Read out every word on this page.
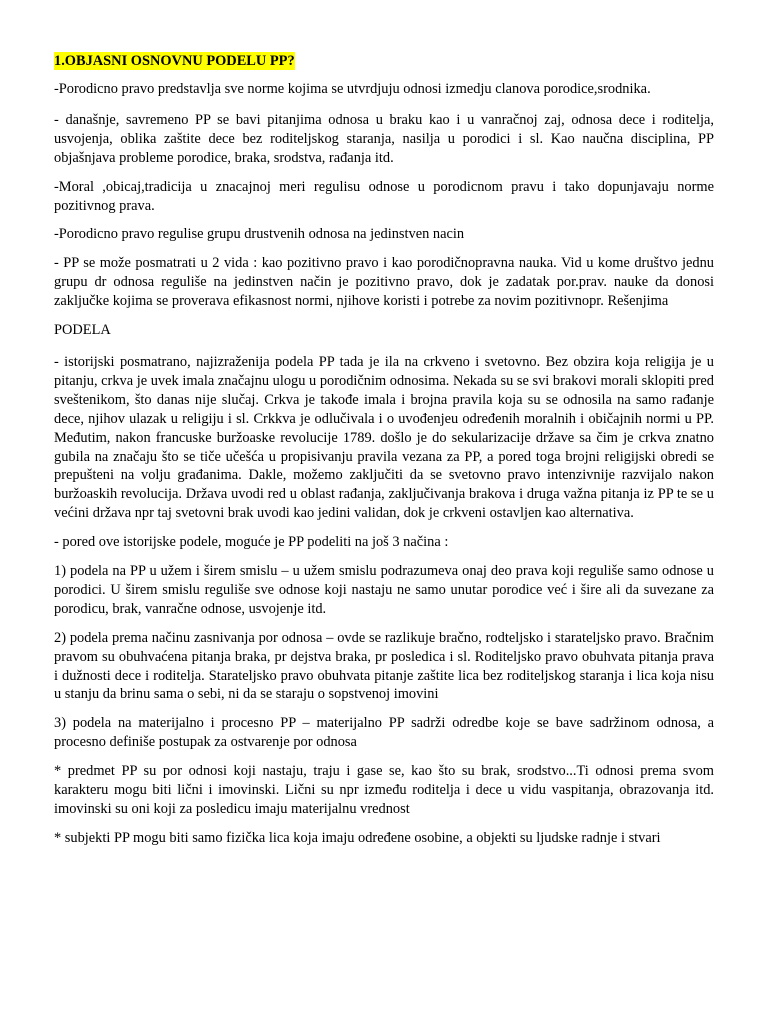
1.OBJASNI OSNOVNU PODELU PP?

-Porodicno pravo predstavlja sve norme kojima se utvrdjuju odnosi izmedju clanova porodice,srodnika.

- današnje, savremeno PP se bavi pitanjima odnosa u braku kao i u vanračnoj zaj, odnosa dece i roditelja, usvojenja, oblika zaštite dece bez roditeljskog staranja, nasilja u porodici i sl. Kao naučna disciplina, PP objašnjava probleme porodice, braka, srodstva, rađanja itd.

-Moral ,obicaj,tradicija u znacajnoj meri regulisu odnose u porodicnom pravu i tako dopunjavaju norme pozitivnog prava.

-Porodicno pravo regulise grupu drustvenih odnosa na jedinstven nacin

- PP se može posmatrati u 2 vida : kao pozitivno pravo i kao porodičnopravna nauka. Vid u kome društvo jednu grupu dr odnosa reguliše na jedinstven način je pozitivno pravo, dok je zadatak por.prav. nauke da donosi zaključke kojima se proverava efikasnost normi, njihove koristi i potrebe za novim pozitivnopr. Rešenjima

PODELA

- istorijski posmatrano, najizraženija podela PP tada je ila na crkveno i svetovno. Bez obzira koja religija je u pitanju, crkva je uvek imala značajnu ulogu u porodičnim odnosima. Nekada su se svi brakovi morali sklopiti pred sveštenikom, što danas nije slučaj. Crkva je takođe imala i brojna pravila koja su se odnosila na samo rađanje dece, njihov ulazak u religiju i sl. Crkkva je odlučivala i o uvođenjeu određenih moralnih i običajnih normi u PP. Međutim, nakon francuske buržoaske revolucije 1789. došlo je do sekularizacije države sa čim je crkva znatno gubila na značaju što se tiče učešća u propisivanju pravila vezana za PP, a pored toga brojni religijski obredi se prepušteni na volju građanima. Dakle, možemo zaključiti da se svetovno pravo intenzivnije razvijalo nakon buržoaskih revolucija. Država uvodi red u oblast rađanja, zaključivanja brakova i druga važna pitanja iz PP te se u većini država npr taj svetovni brak uvodi kao jedini validan, dok je crkveni ostavljen kao alternativa.

- pored ove istorijske podele, moguće je PP podeliti na još 3 načina :

1) podela na PP u užem i širem smislu – u užem smislu podrazumeva onaj deo prava koji reguliše samo odnose u porodici. U širem smislu reguliše sve odnose koji nastaju ne samo unutar porodice već i šire ali da suvezane za porodicu, brak, vanračne odnose, usvojenje itd.

2) podela prema načinu zasnivanja por odnosa – ovde se razlikuje bračno, rodteljsko i starateljsko pravo. Bračnim pravom su obuhvaćena pitanja braka, pr dejstva braka, pr posledica i sl. Roditeljsko pravo obuhvata pitanja prava i dužnosti dece i roditelja. Starateljsko pravo obuhvata pitanje zaštite lica bez roditeljskog staranja i lica koja nisu u stanju da brinu sama o sebi, ni da se staraju o sopstvenoj imovini

3) podela na materijalno i procesno PP – materijalno PP sadrži odredbe koje se bave sadržinom odnosa, a procesno definiše postupak za ostvarenje por odnosa

* predmet PP su por odnosi koji nastaju, traju i gase se, kao što su brak, srodstvo...Ti odnosi prema svom karakteru mogu biti lični i imovinski. Lični su npr između roditelja i dece u vidu vaspitanja, obrazovanja itd. imovinski su oni koji za posledicu imaju materijalnu vrednost

* subjekti PP mogu biti samo fizička lica koja imaju određene osobine, a objekti su ljudske radnje i stvari
